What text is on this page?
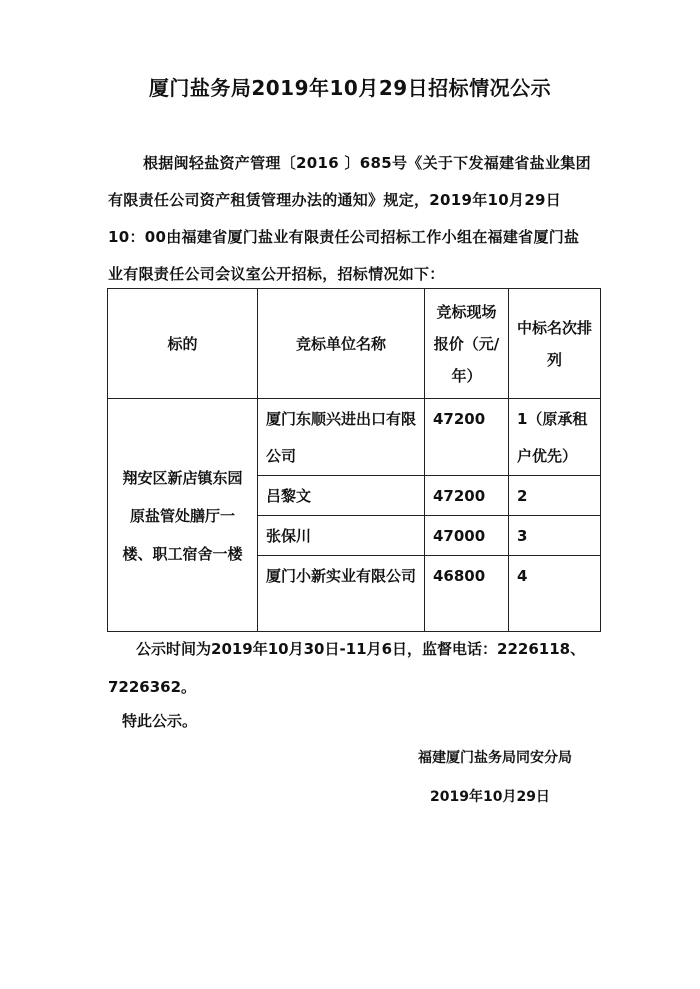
厦门盐务局2019年10月29日招标情况公示

根据闽轻盐资产管理〔2016 〕685号《关于下发福建省盐业集团有限责任公司资产租赁管理办法的通知》规定，2019年10月29日 10：00由福建省厦门盐业有限责任公司招标工作小组在福建省厦门盐业有限责任公司会议室公开招标，招标情况如下：

标的	竞标单位名称	竞标现场报价（元/年）	中标名次排列
翔安区新店镇东园原盐管处膳厅一楼、职工宿舍一楼	厦门东顺兴进出口有限公司	47200	1（原承租户优先）
	吕黎文	47200	2
	张保川	47000	3
	厦门小新实业有限公司	46800	4

公示时间为2019年10月30日-11月6日，监督电话：2226118、7226362。

特此公示。
福建厦门盐务局同安分局
2019年10月29日
